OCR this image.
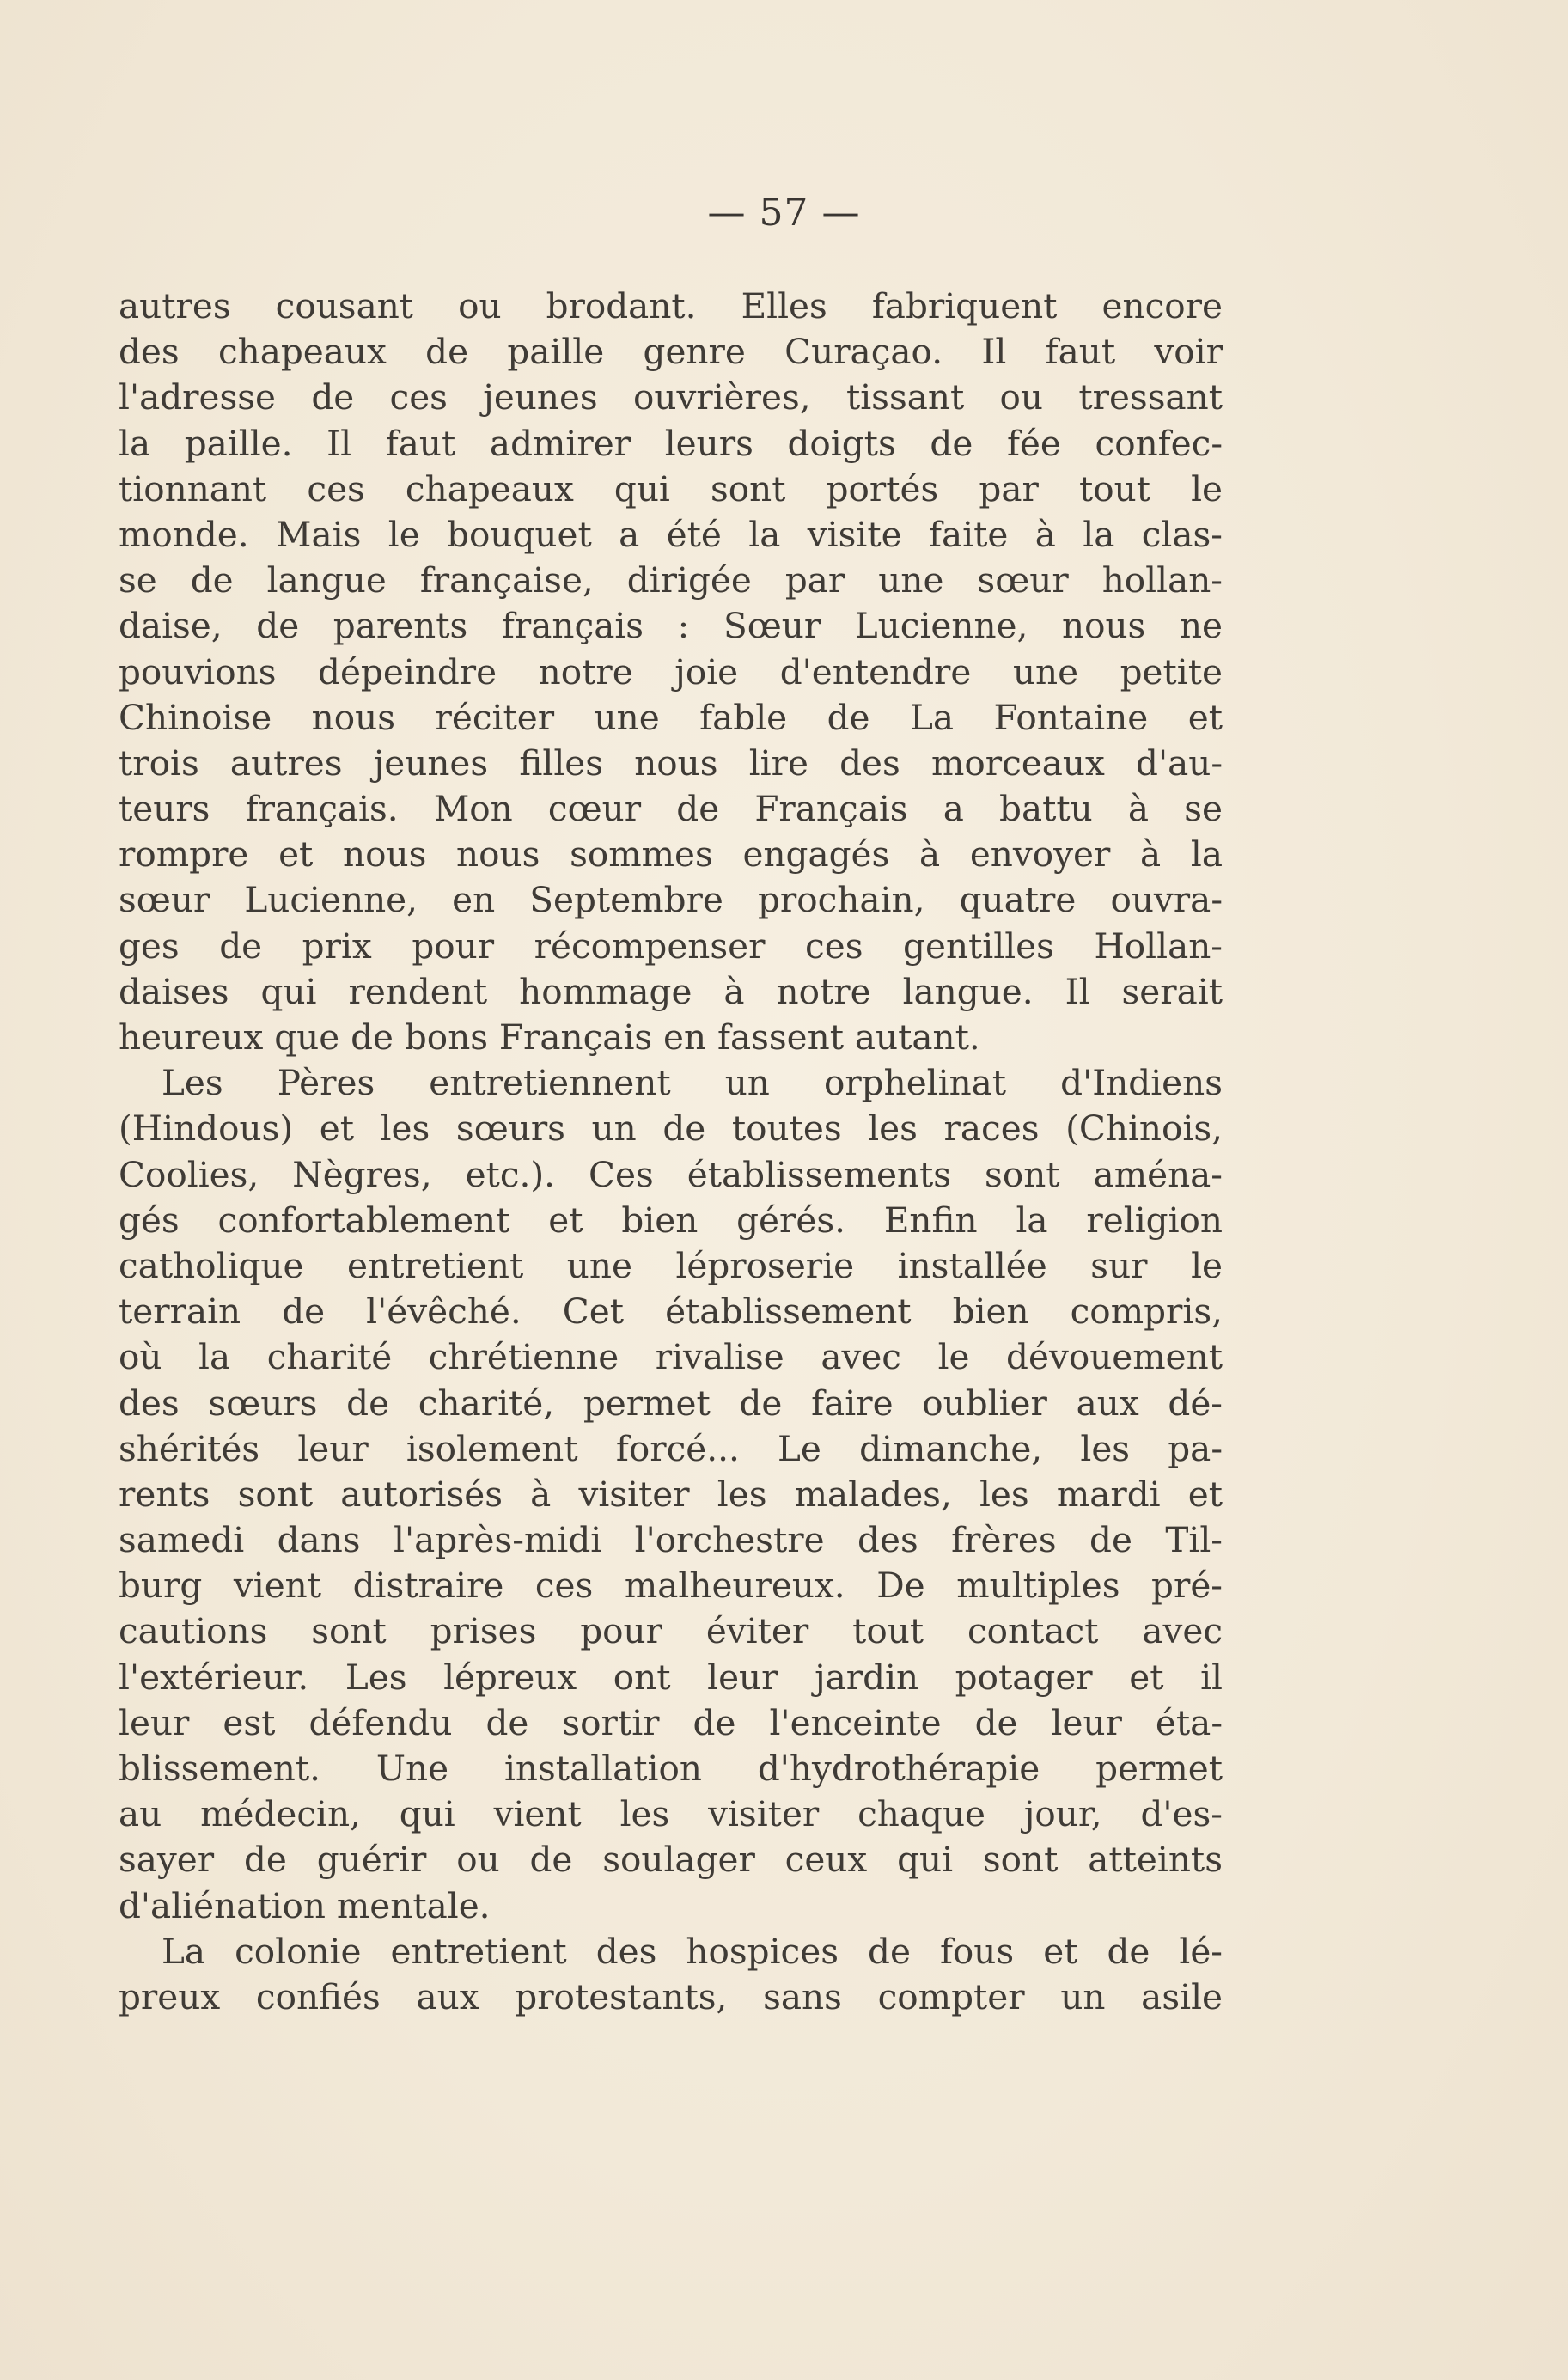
— 57 —
autres cousant ou brodant. Elles fabriquent encore
des chapeaux de paille genre Curaçao. Il faut voir
l'adresse de ces jeunes ouvrières, tissant ou tressant
la paille. Il faut admirer leurs doigts de fée confec-
tionnant ces chapeaux qui sont portés par tout le
monde. Mais le bouquet a été la visite faite à la clas-
se de langue française, dirigée par une sœur hollan-
daise, de parents français : Sœur Lucienne, nous ne
pouvions dépeindre notre joie d'entendre une petite
Chinoise nous réciter une fable de La Fontaine et
trois autres jeunes filles nous lire des morceaux d'au-
teurs français. Mon cœur de Français a battu à se
rompre et nous nous sommes engagés à envoyer à la
sœur Lucienne, en Septembre prochain, quatre ouvra-
ges de prix pour récompenser ces gentilles Hollan-
daises qui rendent hommage à notre langue. Il serait
heureux que de bons Français en fassent autant.
Les Pères entretiennent un orphelinat d'Indiens
(Hindous) et les sœurs un de toutes les races (Chinois,
Coolies, Nègres, etc.). Ces établissements sont aména-
gés confortablement et bien gérés. Enfin la religion
catholique entretient une léproserie installée sur le
terrain de l'évêché. Cet établissement bien compris,
où la charité chrétienne rivalise avec le dévouement
des sœurs de charité, permet de faire oublier aux dé-
shérités leur isolement forcé... Le dimanche, les pa-
rents sont autorisés à visiter les malades, les mardi et
samedi dans l'après-midi l'orchestre des frères de Til-
burg vient distraire ces malheureux. De multiples pré-
cautions sont prises pour éviter tout contact avec
l'extérieur. Les lépreux ont leur jardin potager et il
leur est défendu de sortir de l'enceinte de leur éta-
blissement. Une installation d'hydrothérapie permet
au médecin, qui vient les visiter chaque jour, d'es-
sayer de guérir ou de soulager ceux qui sont atteints
d'aliénation mentale.
La colonie entretient des hospices de fous et de lé-
preux confiés aux protestants, sans compter un asile
